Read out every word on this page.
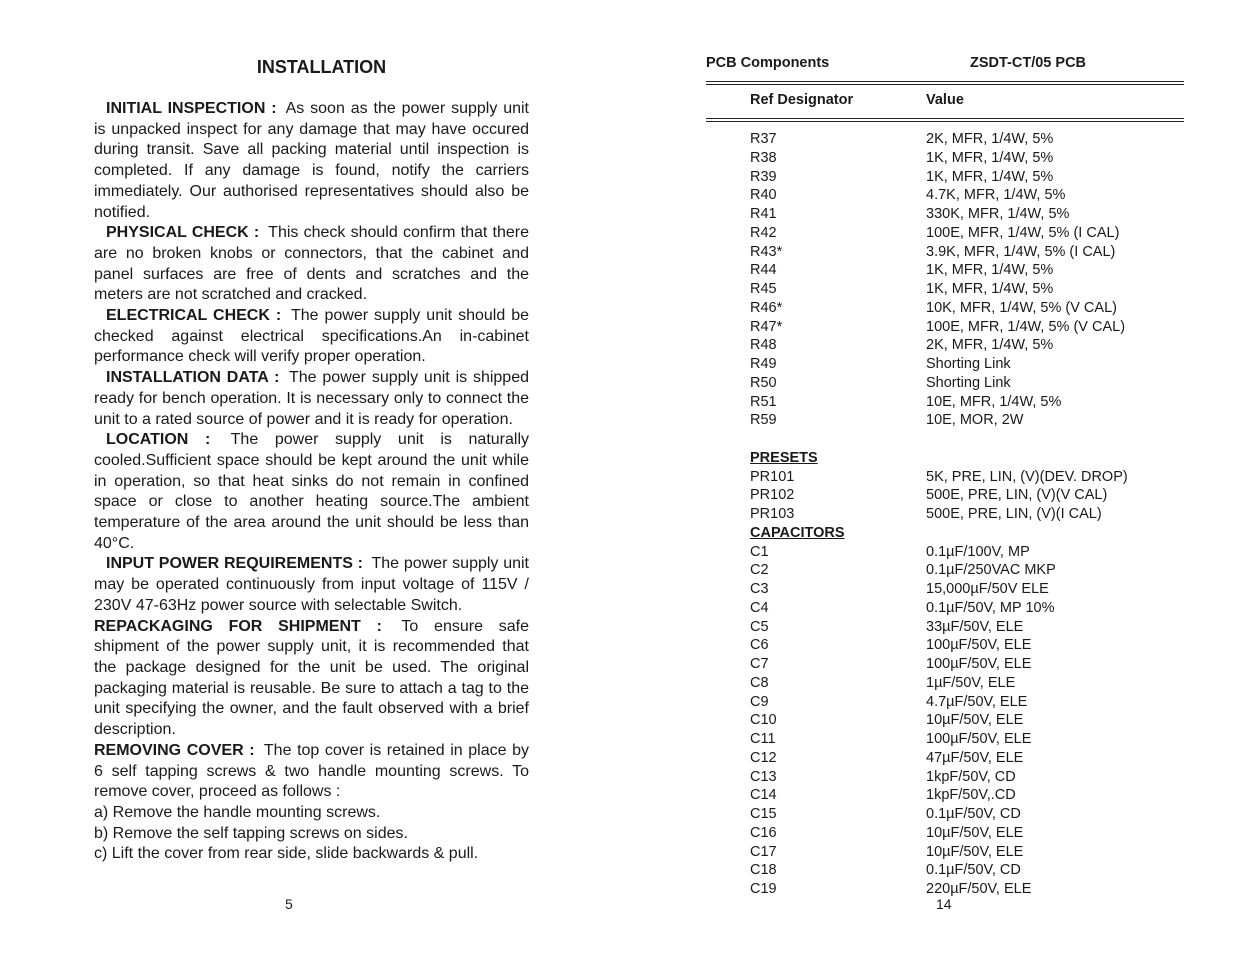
INSTALLATION

INITIAL INSPECTION : As soon as the power supply unit is unpacked inspect for any damage that may have occured during transit. Save all packing material until inspection is completed. If any damage is found, notify the carriers immediately. Our authorised representatives should also be notified.

PHYSICAL CHECK : This check should confirm that there are no broken knobs or connectors, that the cabinet and panel surfaces are free of dents and scratches and the meters are not scratched and cracked.

ELECTRICAL CHECK : The power supply unit should be checked against electrical specifications.An in-cabinet performance check will verify proper operation.

INSTALLATION DATA : The power supply unit is shipped ready for bench operation. It is necessary only to connect the unit to a rated source of power and it is ready for operation.

LOCATION : The power supply unit is naturally cooled.Sufficient space should be kept around the unit while in operation, so that heat sinks do not remain in confined space or close to another heating source.The ambient temperature of the area around the unit should be less than 40°C.

INPUT POWER REQUIREMENTS : The power supply unit may be operated continuously from input voltage of 115V / 230V 47-63Hz power source with selectable Switch.

REPACKAGING FOR SHIPMENT : To ensure safe shipment of the power supply unit, it is recommended that the package designed for the unit be used. The original packaging material is reusable. Be sure to attach a tag to the unit specifying the owner, and the fault observed with a brief description.

REMOVING COVER : The top cover is retained in place by 6 self tapping screws & two handle mounting screws. To remove cover, proceed as follows :

a) Remove the handle mounting screws.

b) Remove the self tapping screws on sides.

c) Lift the cover from rear side, slide backwards & pull.

5
PCB Components	ZSDT-CT/05 PCB
Ref Designator	Value
R37	2K, MFR, 1/4W, 5%
R38	1K, MFR, 1/4W, 5%
R39	1K, MFR, 1/4W, 5%
R40	4.7K, MFR, 1/4W, 5%
R41	330K, MFR, 1/4W, 5%
R42	100E, MFR, 1/4W, 5% (I CAL)
R43*	3.9K, MFR, 1/4W, 5% (I CAL)
R44	1K, MFR, 1/4W, 5%
R45	1K, MFR, 1/4W, 5%
R46*	10K, MFR, 1/4W, 5% (V CAL)
R47*	100E, MFR, 1/4W, 5% (V CAL)
R48	2K, MFR, 1/4W, 5%
R49	Shorting Link
R50	Shorting Link
R51	10E, MFR, 1/4W, 5%
R59	10E, MOR, 2W
PRESETS
PR101	5K, PRE, LIN, (V)(DEV. DROP)
PR102	500E, PRE, LIN, (V)(V CAL)
PR103	500E, PRE, LIN, (V)(I CAL)
CAPACITORS
C1	0.1µF/100V, MP
C2	0.1µF/250VAC MKP
C3	15,000µF/50V ELE
C4	0.1µF/50V, MP 10%
C5	33µF/50V, ELE
C6	100µF/50V, ELE
C7	100µF/50V, ELE
C8	1µF/50V, ELE
C9	4.7µF/50V, ELE
C10	10µF/50V, ELE
C11	100µF/50V, ELE
C12	47µF/50V, ELE
C13	1kpF/50V, CD
C14	1kpF/50V,.CD
C15	0.1µF/50V, CD
C16	10µF/50V, ELE
C17	10µF/50V, ELE
C18	0.1µF/50V, CD
C19	220µF/50V, ELE
14
